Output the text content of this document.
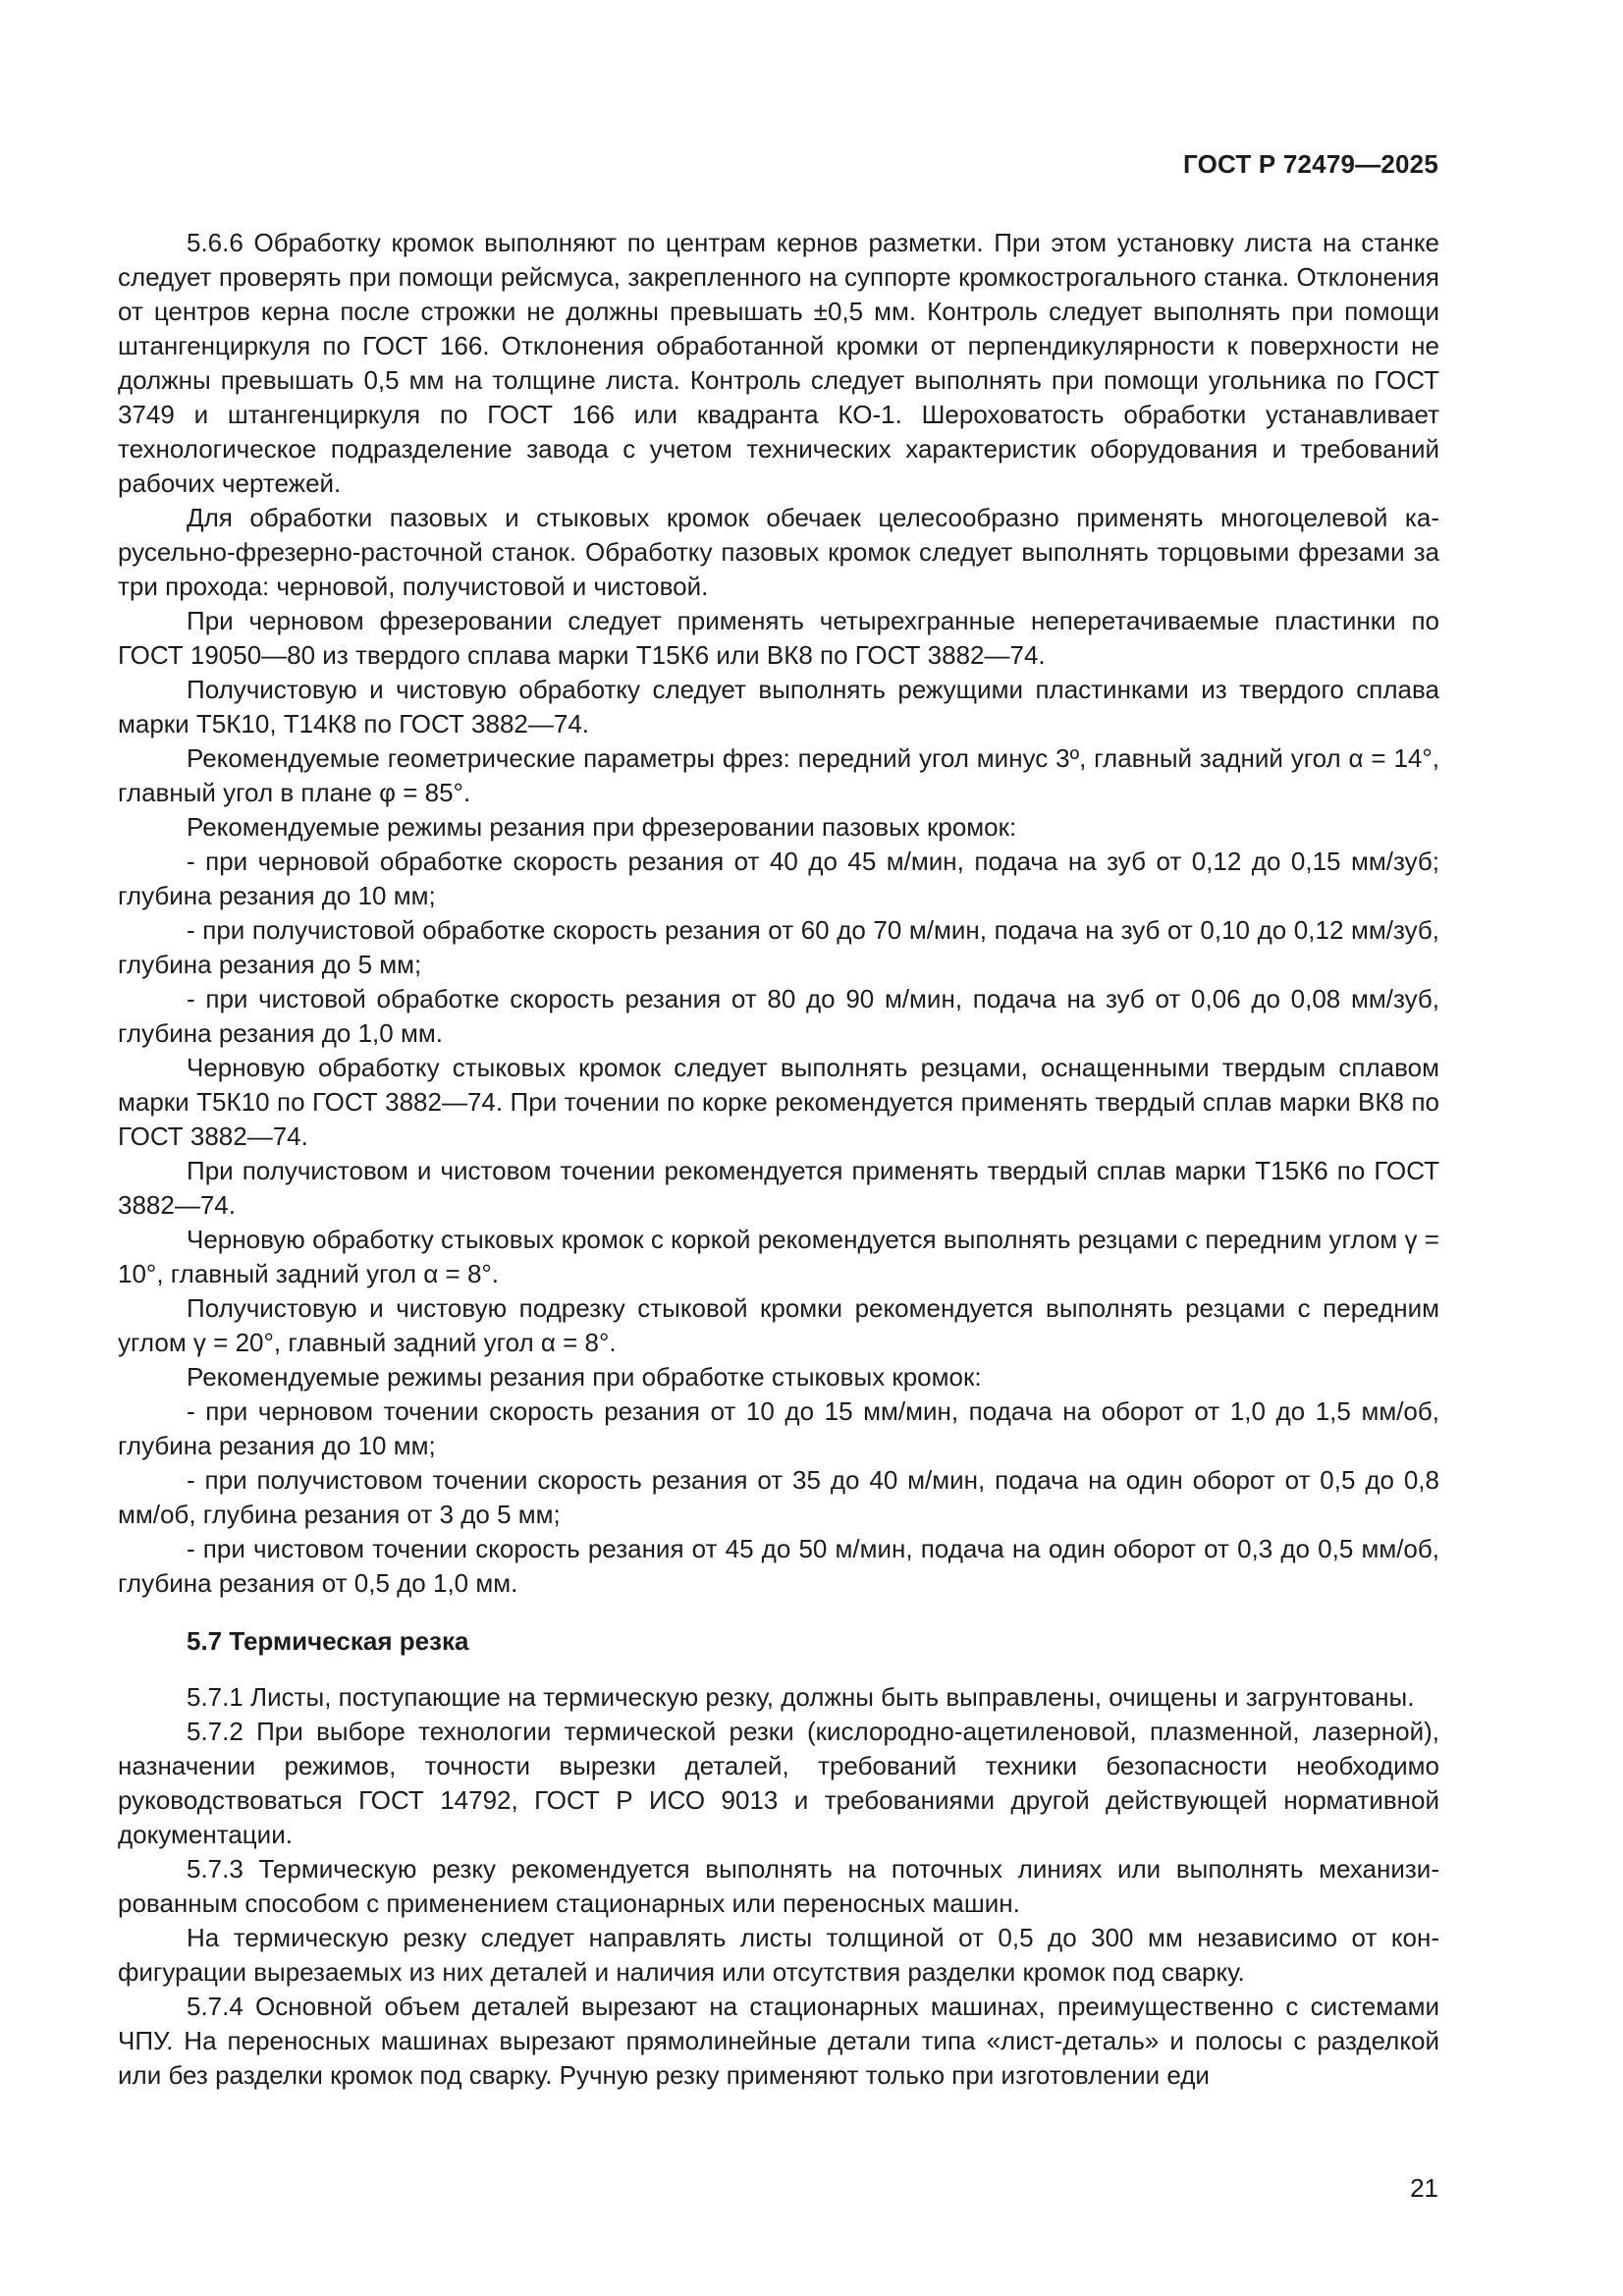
ГОСТ Р 72479—2025

5.6.6 Обработку кромок выполняют по центрам кернов разметки. При этом установку листа на станке следует проверять при помощи рейсмуса, закрепленного на суппорте кромкострогального станка. Отклонения от центров керна после строжки не должны превышать ±0,5 мм. Контроль следует выполнять при помощи штангенциркуля по ГОСТ 166. Отклонения обработанной кромки от перпендикулярности к поверхности не должны превышать 0,5 мм на толщине листа. Контроль следует выполнять при помощи угольника по ГОСТ 3749 и штангенциркуля по ГОСТ 166 или квадранта КО-1. Шероховатость обработки устанавливает технологическое подразделение завода с учетом технических характеристик оборудования и требований рабочих чертежей.

Для обработки пазовых и стыковых кромок обечаек целесообразно применять многоцелевой карусельно-фрезерно-расточной станок. Обработку пазовых кромок следует выполнять торцовыми фрезами за три прохода: черновой, получистовой и чистовой.

При черновом фрезеровании следует применять четырехгранные неперетачиваемые пластинки по ГОСТ 19050—80 из твердого сплава марки Т15К6 или ВК8 по ГОСТ 3882—74.

Получистовую и чистовую обработку следует выполнять режущими пластинками из твердого сплава марки Т5К10, Т14К8 по ГОСТ 3882—74.

Рекомендуемые геометрические параметры фрез: передний угол минус 3º, главный задний угол α = 14°, главный угол в плане φ = 85°.

Рекомендуемые режимы резания при фрезеровании пазовых кромок:

- при черновой обработке скорость резания от 40 до 45 м/мин, подача на зуб от 0,12 до 0,15 мм/зуб; глубина резания до 10 мм;

- при получистовой обработке скорость резания от 60 до 70 м/мин, подача на зуб от 0,10 до 0,12 мм/зуб, глубина резания до 5 мм;

- при чистовой обработке скорость резания от 80 до 90 м/мин, подача на зуб от 0,06 до 0,08 мм/зуб, глубина резания до 1,0 мм.

Черновую обработку стыковых кромок следует выполнять резцами, оснащенными твердым сплавом марки Т5К10 по ГОСТ 3882—74. При точении по корке рекомендуется применять твердый сплав марки ВК8 по ГОСТ 3882—74.

При получистовом и чистовом точении рекомендуется применять твердый сплав марки Т15К6 по ГОСТ 3882—74.

Черновую обработку стыковых кромок с коркой рекомендуется выполнять резцами с передним углом γ = 10°, главный задний угол α = 8°.

Получистовую и чистовую подрезку стыковой кромки рекомендуется выполнять резцами с передним углом γ = 20°, главный задний угол α = 8°.

Рекомендуемые режимы резания при обработке стыковых кромок:

- при черновом точении скорость резания от 10 до 15 мм/мин, подача на оборот от 1,0 до 1,5 мм/об, глубина резания до 10 мм;

- при получистовом точении скорость резания от 35 до 40 м/мин, подача на один оборот от 0,5 до 0,8 мм/об, глубина резания от 3 до 5 мм;

- при чистовом точении скорость резания от 45 до 50 м/мин, подача на один оборот от 0,3 до 0,5 мм/об, глубина резания от 0,5 до 1,0 мм.

5.7 Термическая резка

5.7.1 Листы, поступающие на термическую резку, должны быть выправлены, очищены и загрунтованы.

5.7.2 При выборе технологии термической резки (кислородно-ацетиленовой, плазменной, лазерной), назначении режимов, точности вырезки деталей, требований техники безопасности необходимо руководствоваться ГОСТ 14792, ГОСТ Р ИСО 9013 и требованиями другой действующей нормативной документации.

5.7.3 Термическую резку рекомендуется выполнять на поточных линиях или выполнять механизированным способом с применением стационарных или переносных машин.

На термическую резку следует направлять листы толщиной от 0,5 до 300 мм независимо от конфигурации вырезаемых из них деталей и наличия или отсутствия разделки кромок под сварку.

5.7.4 Основной объем деталей вырезают на стационарных машинах, преимущественно с системами ЧПУ. На переносных машинах вырезают прямолинейные детали типа «лист-деталь» и полосы с разделкой или без разделки кромок под сварку. Ручную резку применяют только при изготовлении еди

21
